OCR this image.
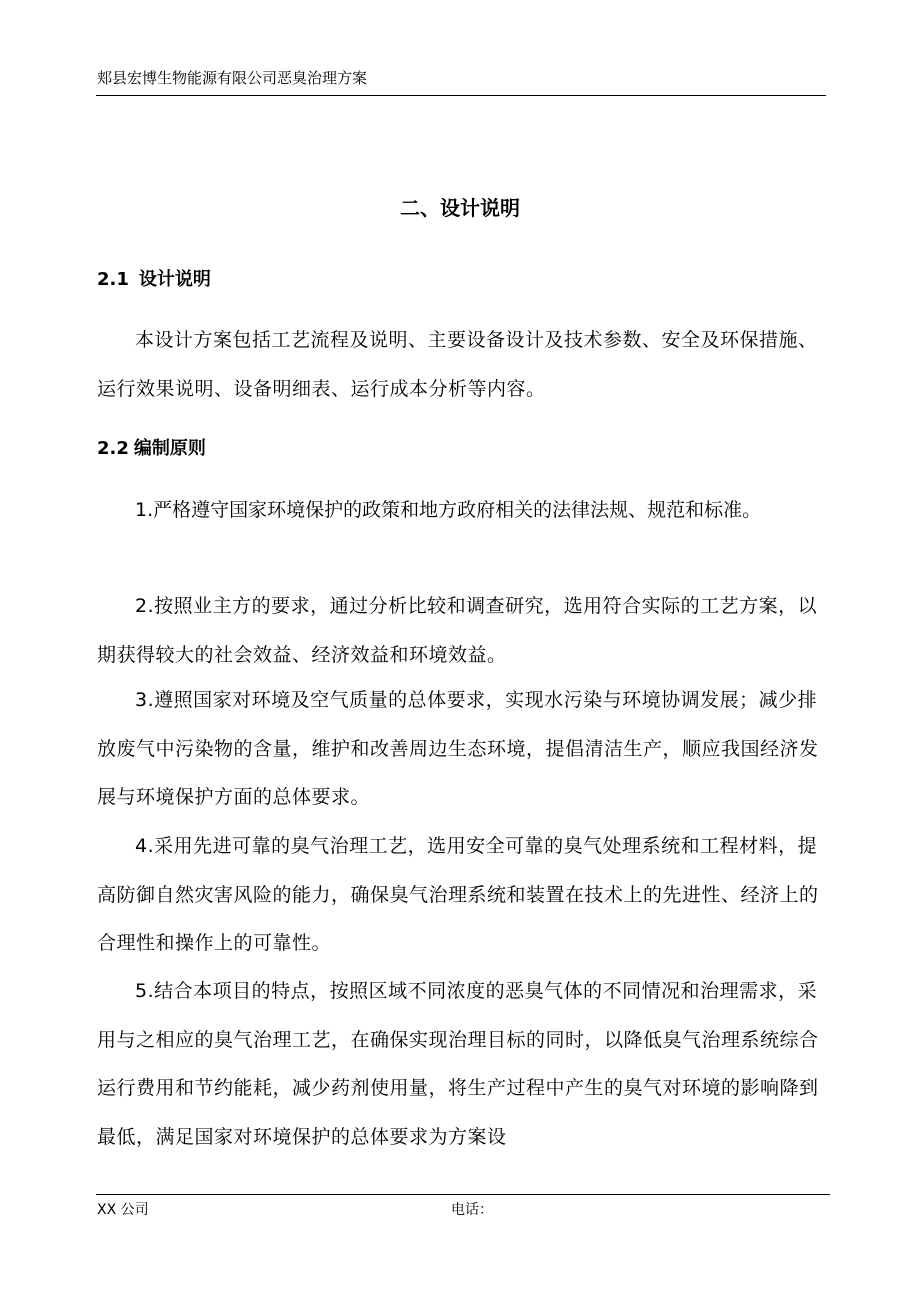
郏县宏博生物能源有限公司恶臭治理方案
二、设计说明
2.1 设计说明

本设计方案包括工艺流程及说明、主要设备设计及技术参数、安全及环保措施、运行效果说明、设备明细表、运行成本分析等内容。

2.2 编制原则

1.严格遵守国家环境保护的政策和地方政府相关的法律法规、规范和标准。

2.按照业主方的要求，通过分析比较和调查研究，选用符合实际的工艺方案，以期获得较大的社会效益、经济效益和环境效益。

3.遵照国家对环境及空气质量的总体要求，实现水污染与环境协调发展；减少排放废气中污染物的含量，维护和改善周边生态环境，提倡清洁生产，顺应我国经济发展与环境保护方面的总体要求。

4.采用先进可靠的臭气治理工艺，选用安全可靠的臭气处理系统和工程材料，提高防御自然灾害风险的能力，确保臭气治理系统和装置在技术上的先进性、经济上的合理性和操作上的可靠性。

5.结合本项目的特点，按照区域不同浓度的恶臭气体的不同情况和治理需求，采用与之相应的臭气治理工艺，在确保实现治理目标的同时，以降低臭气治理系统综合运行费用和节约能耗，减少药剂使用量，将生产过程中产生的臭气对环境的影响降到最低，满足国家对环境保护的总体要求为方案设

XX 公司	电话：
